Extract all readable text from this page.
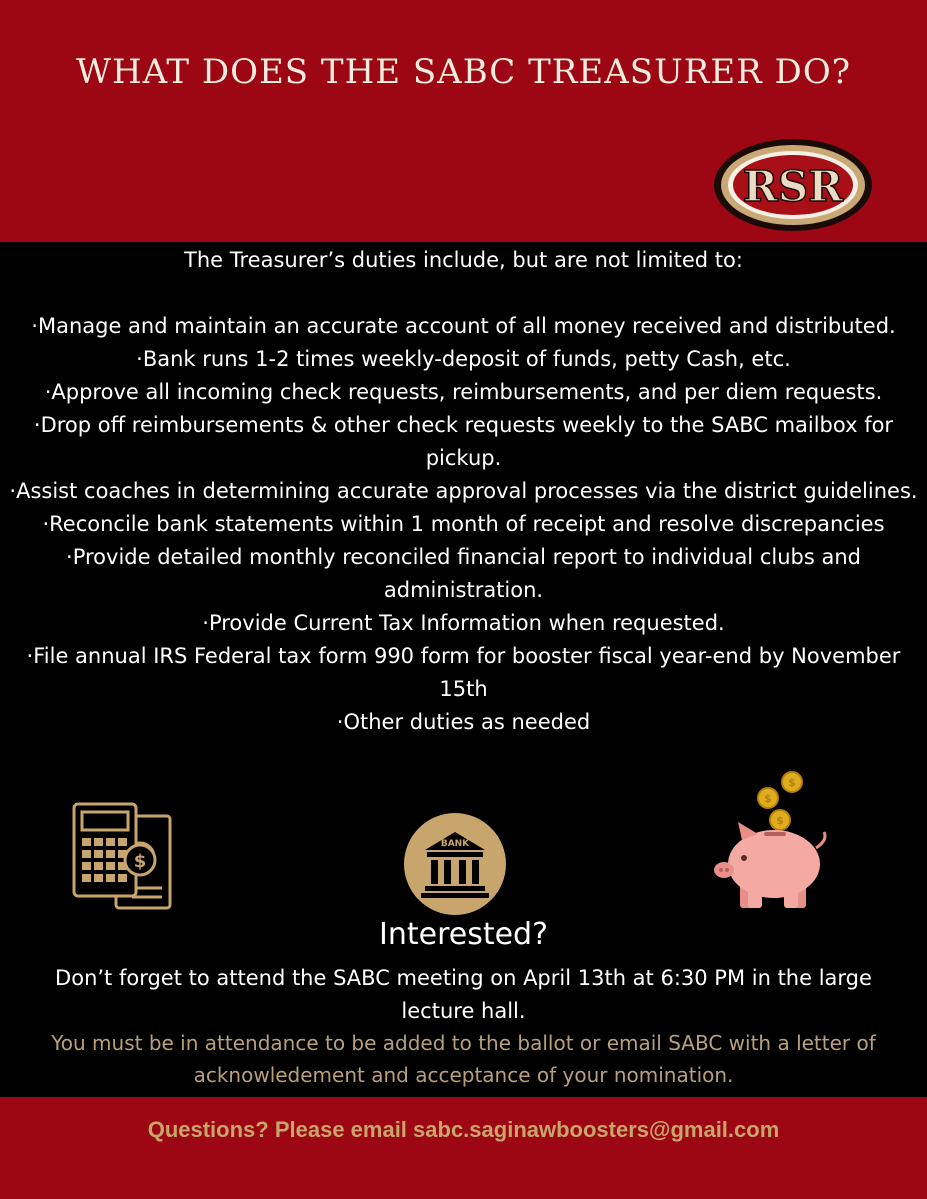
WHAT DOES THE SABC TREASURER DO?
RSR

The Treasurer’s duties include, but are not limited to:

·Manage and maintain an accurate account of all money received and distributed.
·Bank runs 1-2 times weekly-deposit of funds, petty Cash, etc.
·Approve all incoming check requests, reimbursements, and per diem requests.
·Drop off reimbursements & other check requests weekly to the SABC mailbox for pickup.
·Assist coaches in determining accurate approval processes via the district guidelines.
·Reconcile bank statements within 1 month of receipt and resolve discrepancies
·Provide detailed monthly reconciled financial report to individual clubs and administration.
·Provide Current Tax Information when requested.
·File annual IRS Federal tax form 990 form for booster fiscal year-end by November 15th
·Other duties as needed
$
BANK
$
$
$
Interested?

Don’t forget to attend the SABC meeting on April 13th at 6:30 PM in the large lecture hall.

You must be in attendance to be added to the ballot or email SABC with a letter of acknowledement and acceptance of your nomination.

Questions? Please email sabc.saginawboosters@gmail.com
